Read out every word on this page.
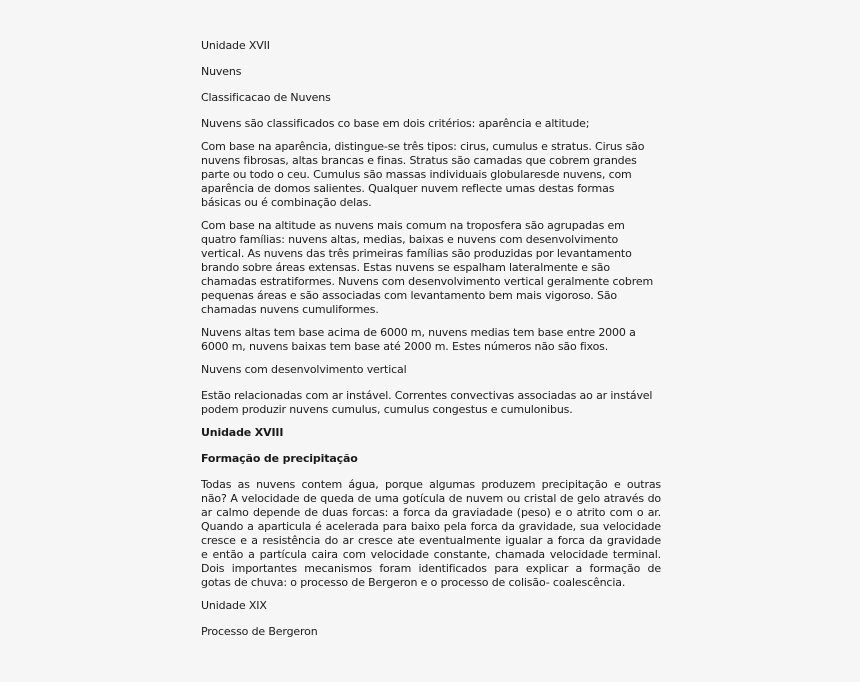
Unidade XVII
Nuvens
Classificacao de Nuvens
Nuvens são classificados co base em dois critérios: aparência e altitude;
Com base na aparência, distingue-se três tipos: cirus, cumulus e stratus. Cirus são
nuvens fibrosas, altas brancas e finas. Stratus são camadas que cobrem grandes
parte ou todo o ceu. Cumulus são massas individuais globularesde nuvens, com
aparência de domos salientes. Qualquer nuvem reflecte umas destas formas
básicas ou é combinação delas.
Com base na altitude as nuvens mais comum na troposfera são agrupadas em
quatro famílias: nuvens altas, medias, baixas e nuvens com desenvolvimento
vertical. As nuvens das três primeiras famílias são produzidas por levantamento
brando sobre áreas extensas. Estas nuvens se espalham lateralmente e são
chamadas estratiformes. Nuvens com desenvolvimento vertical geralmente cobrem
pequenas áreas e são associadas com levantamento bem mais vigoroso. São
chamadas nuvens cumuliformes.
Nuvens altas tem base acima de 6000 m, nuvens medias tem base entre 2000 a
6000 m, nuvens baixas tem base até 2000 m. Estes números não são fixos.
Nuvens com desenvolvimento vertical
Estão relacionadas com ar instável. Correntes convectivas associadas ao ar instável
podem produzir nuvens cumulus, cumulus congestus e cumulonibus.
Unidade XVIII
Formação de precipitação
Todas as nuvens contem água, porque algumas produzem precipitação e outras
não? A velocidade de queda de uma gotícula de nuvem ou cristal de gelo através do
ar calmo depende de duas forcas: a forca da graviadade (peso) e o atrito com o ar.
Quando a aparticula é acelerada para baixo pela forca da gravidade, sua velocidade
cresce e a resistência do ar cresce ate eventualmente igualar a forca da gravidade
e então a partícula caira com velocidade constante, chamada velocidade terminal.
Dois importantes mecanismos foram identificados para explicar a formação de
gotas de chuva: o processo de Bergeron e o processo de colisão- coalescência.
Unidade XIX
Processo de Bergeron
